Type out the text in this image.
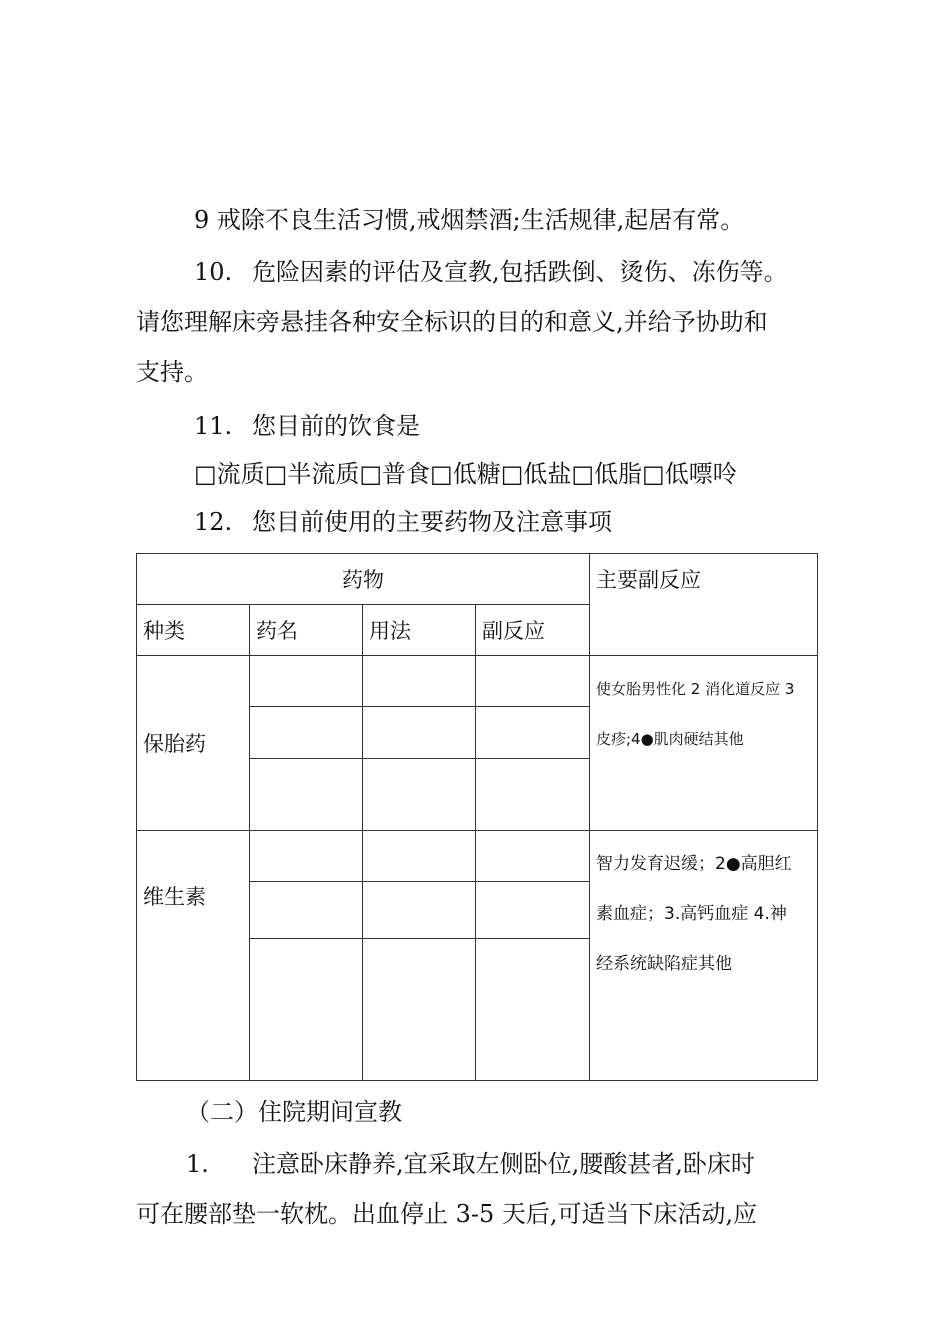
9 戒除不良生活习惯,戒烟禁酒;生活规律,起居有常。
10. 危险因素的评估及宣教,包括跌倒、烫伤、冻伤等。
请您理解床旁悬挂各种安全标识的目的和意义,并给予协助和
支持。
11. 您目前的饮食是
□流质□半流质□普食□低糖□低盐□低脂□低嘌呤
12. 您目前使用的主要药物及注意事项
药物				主要副反应
种类	药名	用法	副反应	
保胎药				使女胎男性化 2 消化道反应 3
皮疹;4●肌肉硬结其他

维生素				智力发育迟缓；2●高胆红
素血症；3.高钙血症 4.神
经系统缺陷症其他

（二）住院期间宣教
1. 注意卧床静养,宜采取左侧卧位,腰酸甚者,卧床时
可在腰部垫一软枕。出血停止 3-5 天后,可适当下床活动,应
